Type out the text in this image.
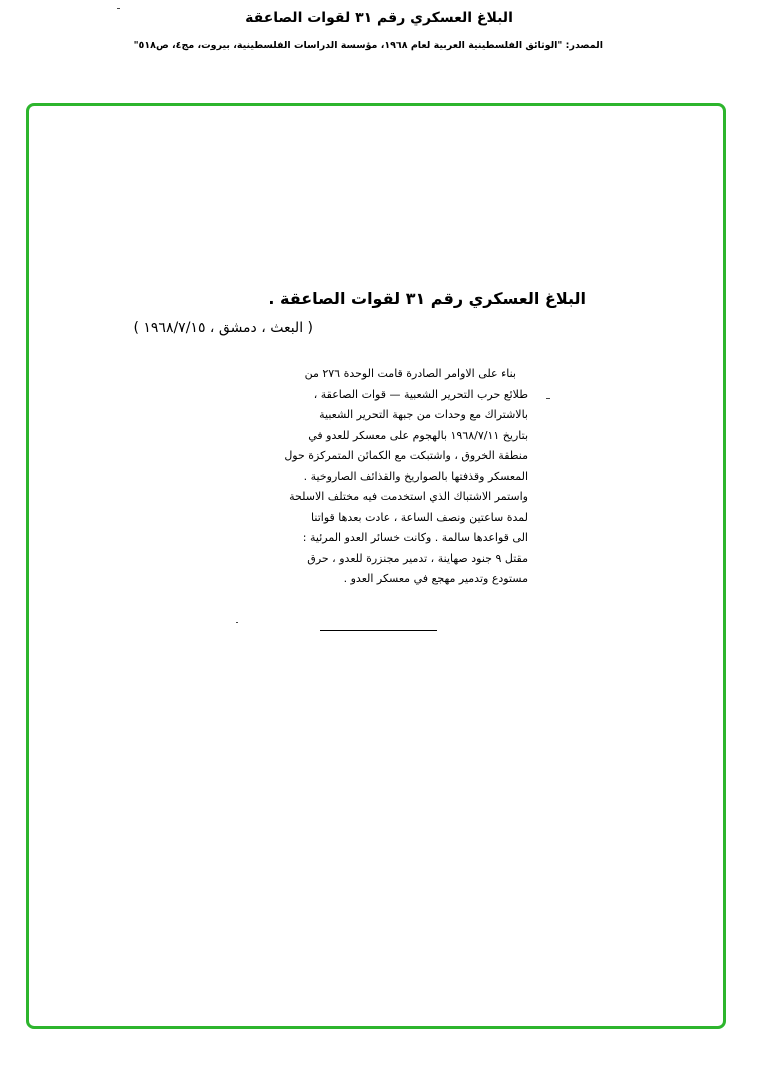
البلاغ العسكري رقم ٣١ لقوات الصاعقة
المصدر: "الوثائق الفلسطينية العربية لعام ١٩٦٨، مؤسسة الدراسات الفلسطينية، بيروت، مج٤، ص٥١٨"
البلاغ العسكري رقم ٣١ لقوات الصاعقة .
( البعث ، دمشق ، ١٩٦٨/٧/١٥ )
بناء على الاوامر الصادرة قامت الوحدة ٢٧٦ من
طلائع حرب التحرير الشعبية — قوات الصاعقة ،
بالاشتراك مع وحدات من جبهة التحرير الشعبية
بتاريخ ١٩٦٨/٧/١١ بالهجوم على معسكر للعدو في
منطقة الخروق ، واشتبكت مع الكمائن المتمركزة حول
المعسكر وقذفتها بالصواريخ والقذائف الصاروخية .
واستمر الاشتباك الذي استخدمت فيه مختلف الاسلحة
لمدة ساعتين ونصف الساعة ، عادت بعدها قواتنا
الى قواعدها سالمة . وكانت خسائر العدو المرئية :
مقتل ٩ جنود صهاينة ، تدمير مجنزرة للعدو ، حرق
مستودع وتدمير مهجع في معسكر العدو .
